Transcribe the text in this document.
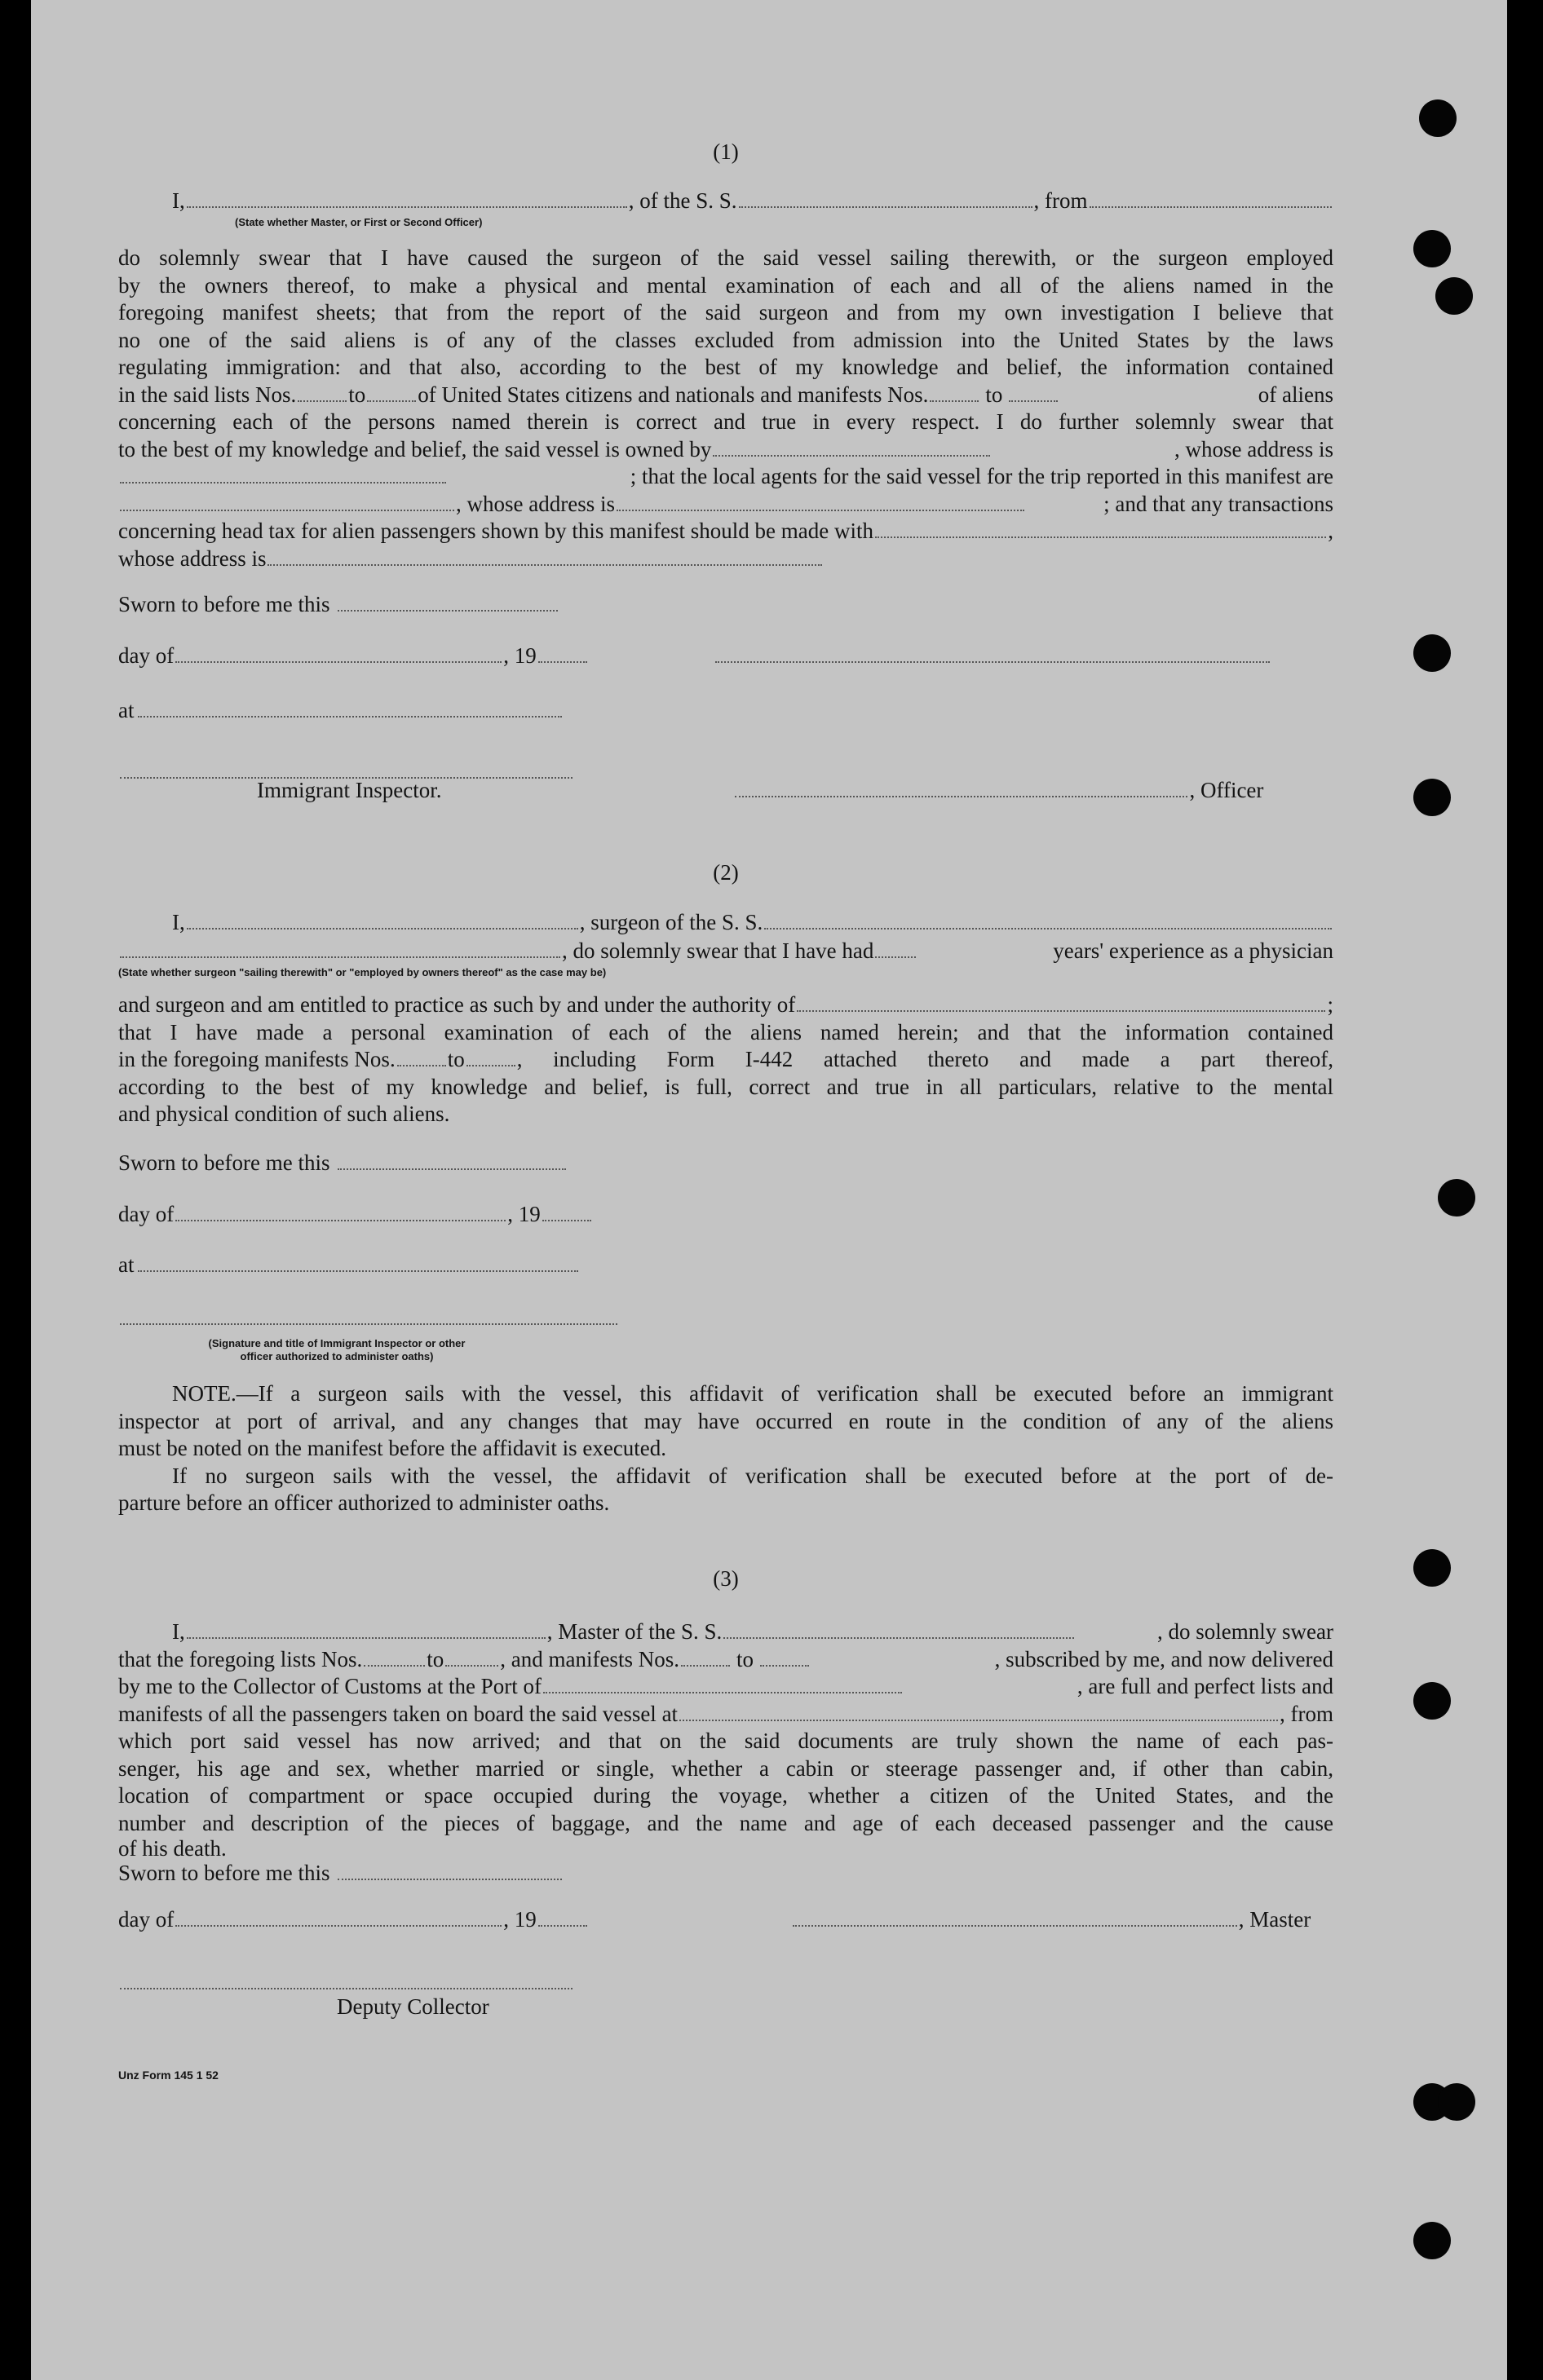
(1)
I,	, of the S. S.	, from
(State whether Master, or First or Second Officer)
do solemnly swear that I have caused the surgeon of the said vessel sailing therewith, or the surgeon employed
by the owners thereof, to make a physical and mental examination of each and all of the aliens named in the
foregoing manifest sheets; that from the report of the said surgeon and from my own investigation I believe that
no one of the said aliens is of any of the classes excluded from admission into the United States by the laws
regulating immigration: and that also, according to the best of my knowledge and belief, the information contained
in the said lists Nos. to of United States citizens and nationals and manifests Nos.	to	of aliens
concerning each of the persons named therein is correct and true in every respect. I do further solemnly swear that
to the best of my knowledge and belief, the said vessel is owned by	, whose address is
; that the local agents for the said vessel for the trip reported in this manifest are
, whose address is	; and that any transactions
concerning head tax for alien passengers shown by this manifest should be made with	,
whose address is
Sworn to before me this
day of	, 19
at
Immigrant Inspector.	, Officer
(2)
I,	, surgeon of the S. S.
, do solemnly swear that I have had	years' experience as a physician
(State whether surgeon "sailing therewith" or "employed by owners thereof" as the case may be)
and surgeon and am entitled to practice as such by and under the authority of	;
that I have made a personal examination of each of the aliens named herein; and that the information contained
in the foregoing manifests Nos. to , including Form I-442 attached thereto and made a part thereof,
according to the best of my knowledge and belief, is full, correct and true in all particulars, relative to the mental
and physical condition of such aliens.
Sworn to before me this
day of	, 19
at
(Signature and title of Immigrant Inspector or other
officer authorized to administer oaths)
NOTE.—If a surgeon sails with the vessel, this affidavit of verification shall be executed before an immigrant
inspector at port of arrival, and any changes that may have occurred en route in the condition of any of the aliens
must be noted on the manifest before the affidavit is executed.
If no surgeon sails with the vessel, the affidavit of verification shall be executed before at the port of de-
parture before an officer authorized to administer oaths.
(3)
I,	, Master of the S. S.	, do solemnly swear
that the foregoing lists Nos.	to	, and manifests Nos.	to	, subscribed by me, and now delivered
by me to the Collector of Customs at the Port of	, are full and perfect lists and
manifests of all the passengers taken on board the said vessel at	, from
which port said vessel has now arrived; and that on the said documents are truly shown the name of each pas-
senger, his age and sex, whether married or single, whether a cabin or steerage passenger and, if other than cabin,
location of compartment or space occupied during the voyage, whether a citizen of the United States, and the
number and description of the pieces of baggage, and the name and age of each deceased passenger and the cause
of his death.
Sworn to before me this
day of	, 19	, Master
Deputy Collector
Unz Form 145 1 52
